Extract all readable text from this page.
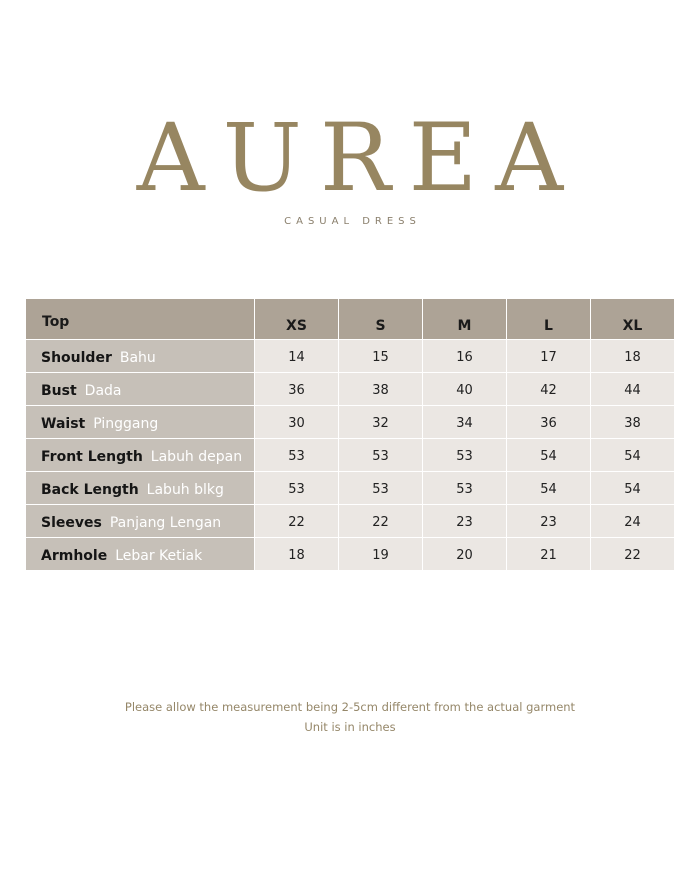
AUREA
CASUAL DRESS
Top	XS	S	M	L	XL
Shoulder Bahu	14	15	16	17	18
Bust Dada	36	38	40	42	44
Waist Pinggang	30	32	34	36	38
Front Length Labuh depan	53	53	53	54	54
Back Length Labuh blkg	53	53	53	54	54
Sleeves Panjang Lengan	22	22	23	23	24
Armhole Lebar Ketiak	18	19	20	21	22
Please allow the measurement being 2-5cm different from the actual garment
Unit is in inches
